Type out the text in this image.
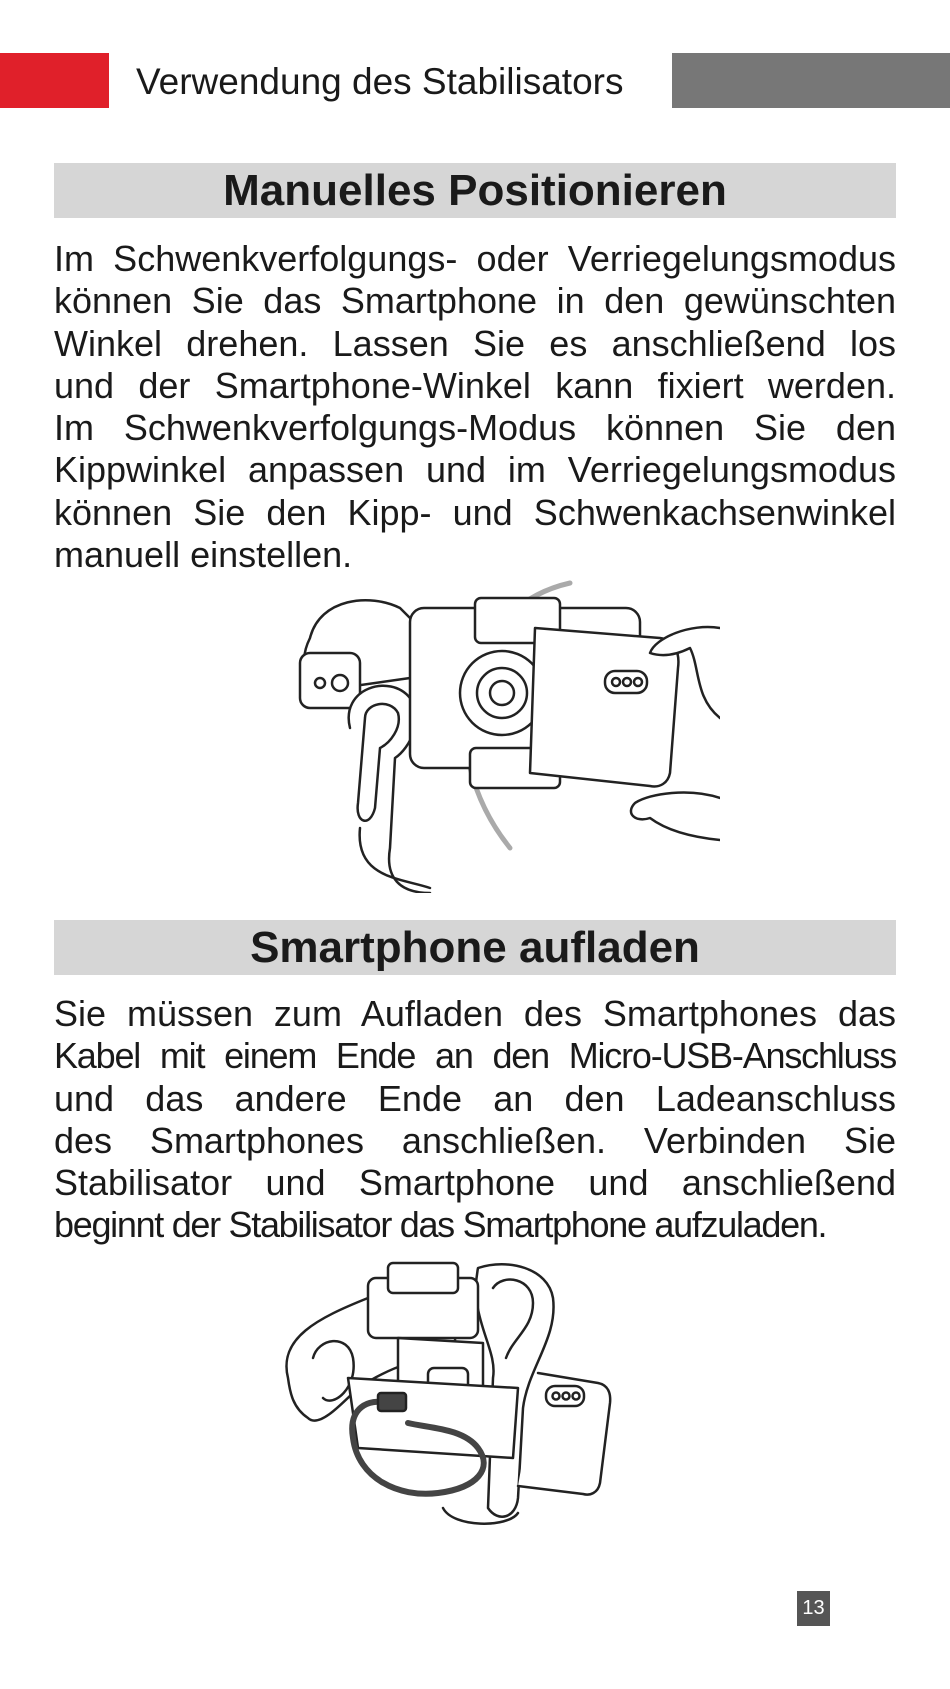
Verwendung des Stabilisators
Manuelles Positionieren
Im Schwenkverfolgungs- oder Verriegelungsmodus
können Sie das Smartphone in den gewünschten
Winkel drehen. Lassen Sie es anschließend los
und der Smartphone-Winkel kann fixiert werden.
Im Schwenkverfolgungs-Modus können Sie den
Kippwinkel anpassen und im Verriegelungsmodus
können Sie den Kipp- und Schwenkachsenwinkel
manuell einstellen.
Smartphone aufladen
Sie müssen zum Aufladen des Smartphones das
Kabel mit einem Ende an den Micro-USB-Anschluss
und das andere Ende an den Ladeanschluss
des Smartphones anschließen. Verbinden Sie
Stabilisator und Smartphone und anschließend
beginnt der Stabilisator das Smartphone aufzuladen.
13
